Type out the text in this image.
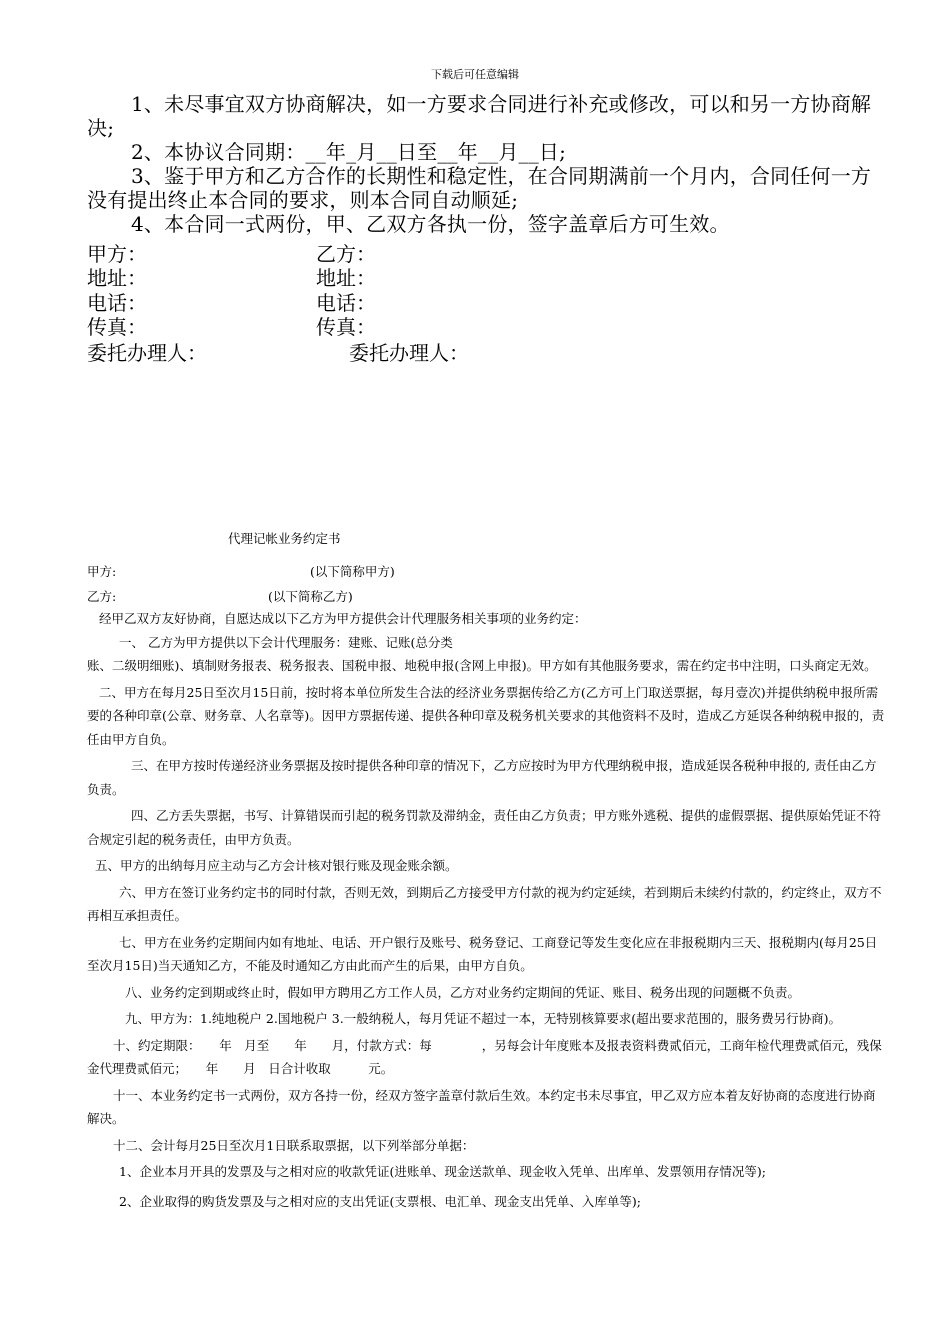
下载后可任意编辑

1、未尽事宜双方协商解决，如一方要求合同进行补充或修改，可以和另一方协商解决;

2、本协议合同期：__年_月__日至__年__月__日;

3、鉴于甲方和乙方合作的长期性和稳定性，在合同期满前一个月内，合同任何一方没有提出终止本合同的要求，则本合同自动顺延;

4、本合同一式两份，甲、乙双方各执一份，签字盖章后方可生效。

甲方：	乙方：
地址：	地址：
电话：	电话：
传真：	传真：
委托办理人：	委托办理人：
代理记帐业务约定书
甲方:	(以下简称甲方)
乙方:	(以下简称乙方)

经甲乙双方友好协商，自愿达成以下乙方为甲方提供会计代理服务相关事项的业务约定：

一、 乙方为甲方提供以下会计代理服务：建账、记账(总分类

账、二级明细账)、填制财务报表、税务报表、国税申报、地税申报(含网上申报)。甲方如有其他服务要求，需在约定书中注明，口头商定无效。

二、甲方在每月25日至次月15日前，按时将本单位所发生合法的经济业务票据传给乙方(乙方可上门取送票据，每月壹次)并提供纳税申报所需要的各种印章(公章、财务章、人名章等)。因甲方票据传递、提供各种印章及税务机关要求的其他资料不及时，造成乙方延误各种纳税申报的，责任由甲方自负。

三、在甲方按时传递经济业务票据及按时提供各种印章的情况下，乙方应按时为甲方代理纳税申报，造成延误各税种申报的, 责任由乙方负责。

四、乙方丢失票据，书写、计算错误而引起的税务罚款及滞纳金，责任由乙方负责；甲方账外逃税、提供的虚假票据、提供原始凭证不符合规定引起的税务责任，由甲方负责。

五、甲方的出纳每月应主动与乙方会计核对银行账及现金账余额。

六、甲方在签订业务约定书的同时付款，否则无效，到期后乙方接受甲方付款的视为约定延续，若到期后未续约付款的，约定终止，双方不再相互承担责任。

七、甲方在业务约定期间内如有地址、电话、开户银行及账号、税务登记、工商登记等发生变化应在非报税期内三天、报税期内(每月25日至次月15日)当天通知乙方，不能及时通知乙方由此而产生的后果，由甲方自负。

八、业务约定到期或终止时，假如甲方聘用乙方工作人员，乙方对业务约定期间的凭证、账目、税务出现的问题概不负责。

九、甲方为：1.纯地税户 2.国地税户 3.一般纳税人，每月凭证不超过一本，无特别核算要求(超出要求范围的，服务费另行协商)。

十、约定期限：　　年　月至　　年　　月，付款方式：每　　　　，另每会计年度账本及报表资料费贰佰元，工商年检代理费贰佰元，残保金代理费贰佰元；　　年　　月　日合计收取　　　元。

十一、本业务约定书一式两份，双方各持一份，经双方签字盖章付款后生效。本约定书未尽事宜，甲乙双方应本着友好协商的态度进行协商解决。

十二、会计每月25日至次月1日联系取票据，以下列举部分单据：

1、企业本月开具的发票及与之相对应的收款凭证(进账单、现金送款单、现金收入凭单、出库单、发票领用存情况等);

2、企业取得的购货发票及与之相对应的支出凭证(支票根、电汇单、现金支出凭单、入库单等);
